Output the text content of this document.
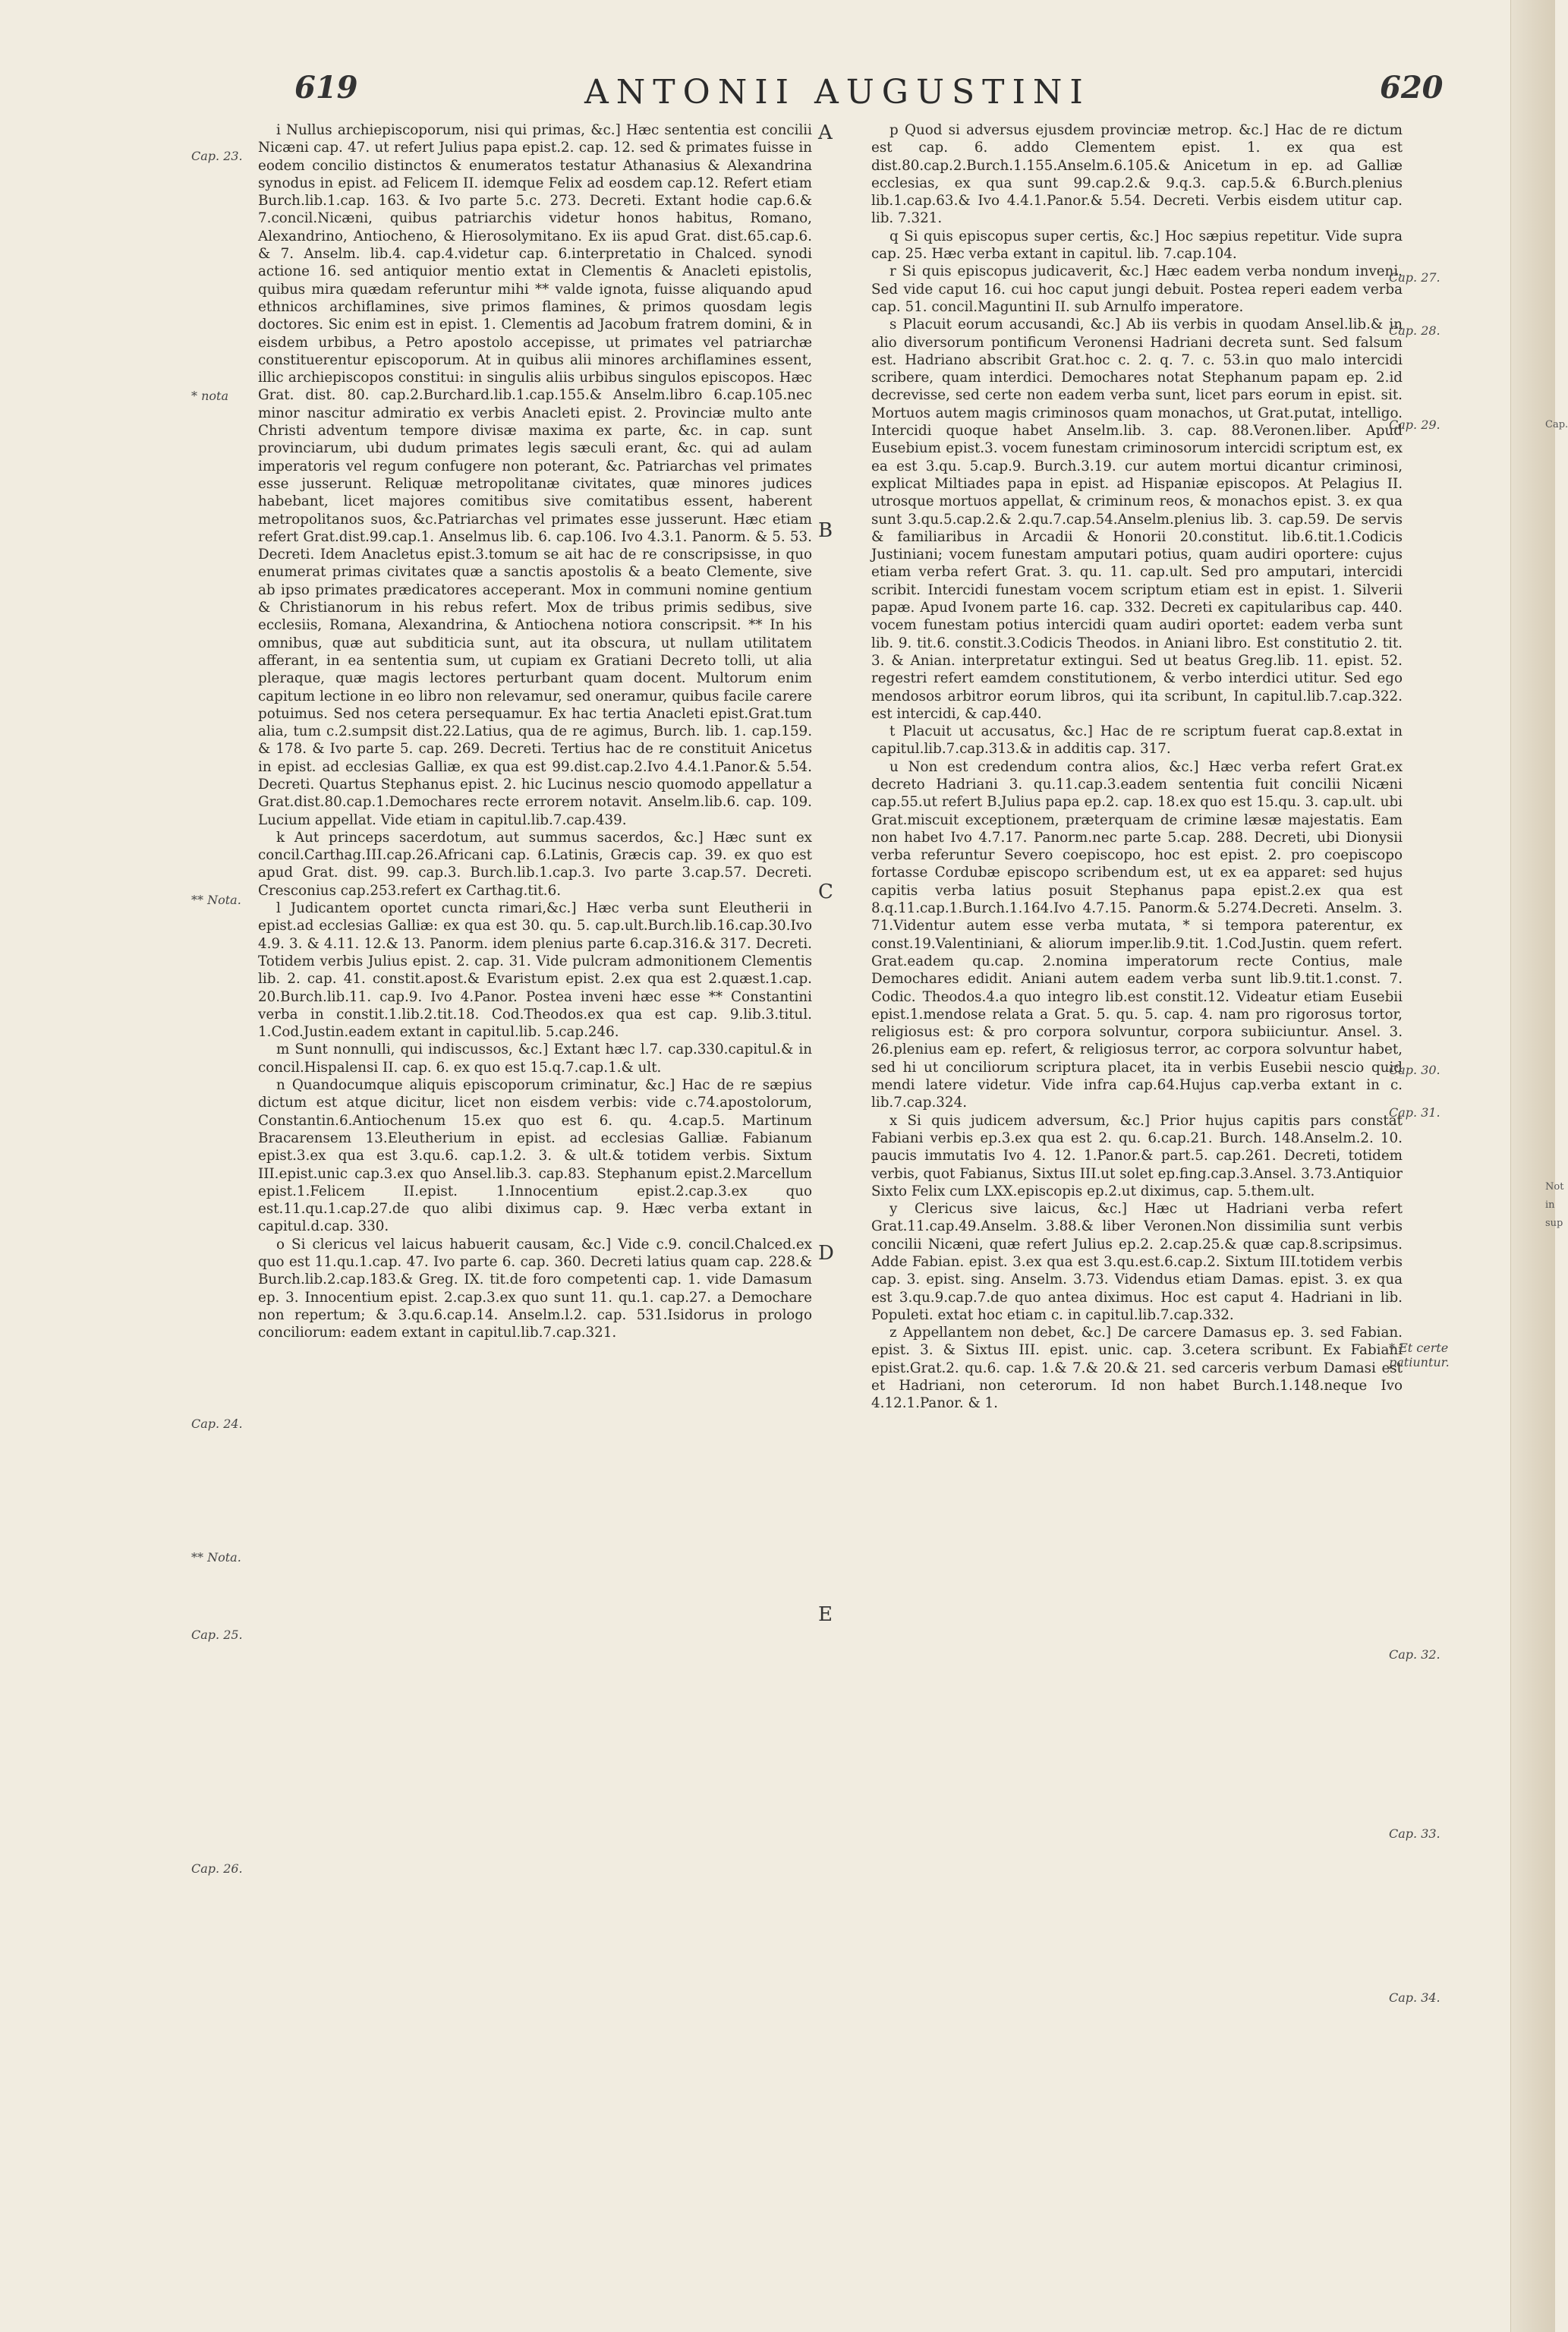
619	ANTONII AUGUSTINI	620
Cap. 23.
* nota
** Nota.
Cap. 24.
** Nota.
Cap. 25.
Cap. 26.
A
B
C
D
E

i Nullus archiepiscoporum, nisi qui primas, &c.] Hæc sententia est concilii Nicæni cap. 47. ut refert Julius papa epist.2. cap. 12. sed & primates fuisse in eodem concilio distinctos & enumeratos testatur Athanasius & Alexandrina synodus in epist. ad Felicem II. idemque Felix ad eosdem cap.12. Refert etiam Burch.lib.1.cap. 163. & Ivo parte 5.c. 273. Decreti. Extant hodie cap.6.& 7.concil.Nicæni, quibus patriarchis videtur honos habitus, Romano, Alexandrino, Antiocheno, & Hierosolymitano. Ex iis apud Grat. dist.65.cap.6. & 7. Anselm. lib.4. cap.4.videtur cap. 6.interpretatio in Chalced. synodi actione 16. sed antiquior mentio extat in Clementis & Anacleti epistolis, quibus mira quædam referuntur mihi ** valde ignota, fuisse aliquando apud ethnicos archiflamines, sive primos flamines, & primos quosdam legis doctores. Sic enim est in epist. 1. Clementis ad Jacobum fratrem domini, & in eisdem urbibus, a Petro apostolo accepisse, ut primates vel patriarchæ constituerentur episcoporum. At in quibus alii minores archiflamines essent, illic archiepiscopos constitui: in singulis aliis urbibus singulos episcopos. Hæc Grat. dist. 80. cap.2.Burchard.lib.1.cap.155.& Anselm.libro 6.cap.105.nec minor nascitur admiratio ex verbis Anacleti epist. 2. Provinciæ multo ante Christi adventum tempore divisæ maxima ex parte, &c. in cap. sunt provinciarum, ubi dudum primates legis sæculi erant, &c. qui ad aulam imperatoris vel regum confugere non poterant, &c. Patriarchas vel primates esse jusserunt. Reliquæ metropolitanæ civitates, quæ minores judices habebant, licet majores comitibus sive comitatibus essent, haberent metropolitanos suos, &c.Patriarchas vel primates esse jusserunt. Hæc etiam refert Grat.dist.99.cap.1. Anselmus lib. 6. cap.106. Ivo 4.3.1. Panorm. & 5. 53. Decreti. Idem Anacletus epist.3.tomum se ait hac de re conscripsisse, in quo enumerat primas civitates quæ a sanctis apostolis & a beato Clemente, sive ab ipso primates prædicatores acceperant. Mox in communi nomine gentium & Christianorum in his rebus refert. Mox de tribus primis sedibus, sive ecclesiis, Romana, Alexandrina, & Antiochena notiora conscripsit. ** In his omnibus, quæ aut subditicia sunt, aut ita obscura, ut nullam utilitatem afferant, in ea sententia sum, ut cupiam ex Gratiani Decreto tolli, ut alia pleraque, quæ magis lectores perturbant quam docent. Multorum enim capitum lectione in eo libro non relevamur, sed oneramur, quibus facile carere potuimus. Sed nos cetera persequamur. Ex hac tertia Anacleti epist.Grat.tum alia, tum c.2.sumpsit dist.22.Latius, qua de re agimus, Burch. lib. 1. cap.159. & 178. & Ivo parte 5. cap. 269. Decreti. Tertius hac de re constituit Anicetus in epist. ad ecclesias Galliæ, ex qua est 99.dist.cap.2.Ivo 4.4.1.Panor.& 5.54. Decreti. Quartus Stephanus epist. 2. hic Lucinus nescio quomodo appellatur a Grat.dist.80.cap.1.Demochares recte errorem notavit. Anselm.lib.6. cap. 109. Lucium appellat. Vide etiam in capitul.lib.7.cap.439.

k Aut princeps sacerdotum, aut summus sacerdos, &c.] Hæc sunt ex concil.Carthag.III.cap.26.Africani cap. 6.Latinis, Græcis cap. 39. ex quo est apud Grat. dist. 99. cap.3. Burch.lib.1.cap.3. Ivo parte 3.cap.57. Decreti. Cresconius cap.253.refert ex Carthag.tit.6.

l Judicantem oportet cuncta rimari,&c.] Hæc verba sunt Eleutherii in epist.ad ecclesias Galliæ: ex qua est 30. qu. 5. cap.ult.Burch.lib.16.cap.30.Ivo 4.9. 3. & 4.11. 12.& 13. Panorm. idem plenius parte 6.cap.316.& 317. Decreti. Totidem verbis Julius epist. 2. cap. 31. Vide pulcram admonitionem Clementis lib. 2. cap. 41. constit.apost.& Evaristum epist. 2.ex qua est 2.quæst.1.cap. 20.Burch.lib.11. cap.9. Ivo 4.Panor. Postea inveni hæc esse ** Constantini verba in constit.1.lib.2.tit.18. Cod.Theodos.ex qua est cap. 9.lib.3.titul. 1.Cod.Justin.eadem extant in capitul.lib. 5.cap.246.

m Sunt nonnulli, qui indiscussos, &c.] Extant hæc l.7. cap.330.capitul.& in concil.Hispalensi II. cap. 6. ex quo est 15.q.7.cap.1.& ult.

n Quandocumque aliquis episcoporum criminatur, &c.] Hac de re sæpius dictum est atque dicitur, licet non eisdem verbis: vide c.74.apostolorum, Constantin.6.Antiochenum 15.ex quo est 6. qu. 4.cap.5. Martinum Bracarensem 13.Eleutherium in epist. ad ecclesias Galliæ. Fabianum epist.3.ex qua est 3.qu.6. cap.1.2. 3. & ult.& totidem verbis. Sixtum III.epist.unic cap.3.ex quo Ansel.lib.3. cap.83. Stephanum epist.2.Marcellum epist.1.Felicem II.epist. 1.Innocentium epist.2.cap.3.ex quo est.11.qu.1.cap.27.de quo alibi diximus cap. 9. Hæc verba extant in capitul.d.cap. 330.

o Si clericus vel laicus habuerit causam, &c.] Vide c.9. concil.Chalced.ex quo est 11.qu.1.cap. 47. Ivo parte 6. cap. 360. Decreti latius quam cap. 228.& Burch.lib.2.cap.183.& Greg. IX. tit.de foro competenti cap. 1. vide Damasum ep. 3. Innocentium epist. 2.cap.3.ex quo sunt 11. qu.1. cap.27. a Demochare non repertum; & 3.qu.6.cap.14. Anselm.l.2. cap. 531.Isidorus in prologo conciliorum: eadem extant in capitul.lib.7.cap.321.

p Quod si adversus ejusdem provinciæ metrop. &c.] Hac de re dictum est cap. 6. addo Clementem epist. 1. ex qua est dist.80.cap.2.Burch.1.155.Anselm.6.105.& Anicetum in ep. ad Galliæ ecclesias, ex qua sunt 99.cap.2.& 9.q.3. cap.5.& 6.Burch.plenius lib.1.cap.63.& Ivo 4.4.1.Panor.& 5.54. Decreti. Verbis eisdem utitur cap. lib. 7.321.

q Si quis episcopus super certis, &c.] Hoc sæpius repetitur. Vide supra cap. 25. Hæc verba extant in capitul. lib. 7.cap.104.

r Si quis episcopus judicaverit, &c.] Hæc eadem verba nondum inveni. Sed vide caput 16. cui hoc caput jungi debuit. Postea reperi eadem verba cap. 51. concil.Maguntini II. sub Arnulfo imperatore.

s Placuit eorum accusandi, &c.] Ab iis verbis in quodam Ansel.lib.& in alio diversorum pontificum Veronensi Hadriani decreta sunt. Sed falsum est. Hadriano abscribit Grat.hoc c. 2. q. 7. c. 53.in quo malo intercidi scribere, quam interdici. Demochares notat Stephanum papam ep. 2.id decrevisse, sed certe non eadem verba sunt, licet pars eorum in epist. sit. Mortuos autem magis criminosos quam monachos, ut Grat.putat, intelligo. Intercidi quoque habet Anselm.lib. 3. cap. 88.Veronen.liber. Apud Eusebium epist.3. vocem funestam criminosorum intercidi scriptum est, ex ea est 3.qu. 5.cap.9. Burch.3.19. cur autem mortui dicantur criminosi, explicat Miltiades papa in epist. ad Hispaniæ episcopos. At Pelagius II. utrosque mortuos appellat, & criminum reos, & monachos epist. 3. ex qua sunt 3.qu.5.cap.2.& 2.qu.7.cap.54.Anselm.plenius lib. 3. cap.59. De servis & familiaribus in Arcadii & Honorii 20.constitut. lib.6.tit.1.Codicis Justiniani; vocem funestam amputari potius, quam audiri oportere: cujus etiam verba refert Grat. 3. qu. 11. cap.ult. Sed pro amputari, intercidi scribit. Intercidi funestam vocem scriptum etiam est in epist. 1. Silverii papæ. Apud Ivonem parte 16. cap. 332. Decreti ex capitularibus cap. 440. vocem funestam potius intercidi quam audiri oportet: eadem verba sunt lib. 9. tit.6. constit.3.Codicis Theodos. in Aniani libro. Est constitutio 2. tit. 3. & Anian. interpretatur extingui. Sed ut beatus Greg.lib. 11. epist. 52. regestri refert eamdem constitutionem, & verbo interdici utitur. Sed ego mendosos arbitror eorum libros, qui ita scribunt, In capitul.lib.7.cap.322. est intercidi, & cap.440.

t Placuit ut accusatus, &c.] Hac de re scriptum fuerat cap.8.extat in capitul.lib.7.cap.313.& in additis cap. 317.

u Non est credendum contra alios, &c.] Hæc verba refert Grat.ex decreto Hadriani 3. qu.11.cap.3.eadem sententia fuit concilii Nicæni cap.55.ut refert B.Julius papa ep.2. cap. 18.ex quo est 15.qu. 3. cap.ult. ubi Grat.miscuit exceptionem, præterquam de crimine læsæ majestatis. Eam non habet Ivo 4.7.17. Panorm.nec parte 5.cap. 288. Decreti, ubi Dionysii verba referuntur Severo coepiscopo, hoc est epist. 2. pro coepiscopo fortasse Cordubæ episcopo scribendum est, ut ex ea apparet: sed hujus capitis verba latius posuit Stephanus papa epist.2.ex qua est 8.q.11.cap.1.Burch.1.164.Ivo 4.7.15. Panorm.& 5.274.Decreti. Anselm. 3. 71.Videntur autem esse verba mutata, * si tempora paterentur, ex const.19.Valentiniani, & aliorum imper.lib.9.tit. 1.Cod.Justin. quem refert. Grat.eadem qu.cap. 2.nomina imperatorum recte Contius, male Demochares edidit. Aniani autem eadem verba sunt lib.9.tit.1.const. 7. Codic. Theodos.4.a quo integro lib.est constit.12. Videatur etiam Eusebii epist.1.mendose relata a Grat. 5. qu. 5. cap. 4. nam pro rigorosus tortor, religiosus est: & pro corpora solvuntur, corpora subiiciuntur. Ansel. 3. 26.plenius eam ep. refert, & religiosus terror, ac corpora solvuntur habet, sed hi ut conciliorum scriptura placet, ita in verbis Eusebii nescio quid mendi latere videtur. Vide infra cap.64.Hujus cap.verba extant in c. lib.7.cap.324.

x Si quis judicem adversum, &c.] Prior hujus capitis pars constat Fabiani verbis ep.3.ex qua est 2. qu. 6.cap.21. Burch. 148.Anselm.2. 10. paucis immutatis Ivo 4. 12. 1.Panor.& part.5. cap.261. Decreti, totidem verbis, quot Fabianus, Sixtus III.ut solet ep.fing.cap.3.Ansel. 3.73.Antiquior Sixto Felix cum LXX.episcopis ep.2.ut diximus, cap. 5.them.ult.

y Clericus sive laicus, &c.] Hæc ut Hadriani verba refert Grat.11.cap.49.Anselm. 3.88.& liber Veronen.Non dissimilia sunt verbis concilii Nicæni, quæ refert Julius ep.2. 2.cap.25.& quæ cap.8.scripsimus. Adde Fabian. epist. 3.ex qua est 3.qu.est.6.cap.2. Sixtum III.totidem verbis cap. 3. epist. sing. Anselm. 3.73. Videndus etiam Damas. epist. 3. ex qua est 3.qu.9.cap.7.de quo antea diximus. Hoc est caput 4. Hadriani in lib. Populeti. extat hoc etiam c. in capitul.lib.7.cap.332.

z Appellantem non debet, &c.] De carcere Damasus ep. 3. sed Fabian. epist. 3. & Sixtus III. epist. unic. cap. 3.cetera scribunt. Ex Fabiani epist.Grat.2. qu.6. cap. 1.& 7.& 20.& 21. sed carceris verbum Damasi est et Hadriani, non ceterorum. Id non habet Burch.1.148.neque Ivo 4.12.1.Panor. & 1.

Cap. 27.
Cap. 28.
Cap. 29.
Cap. 30.
Cap. 31.
* Et certe patiuntur.
Cap. 32.
Cap. 33.
Cap. 34.
Cap.
Not
in
sup
